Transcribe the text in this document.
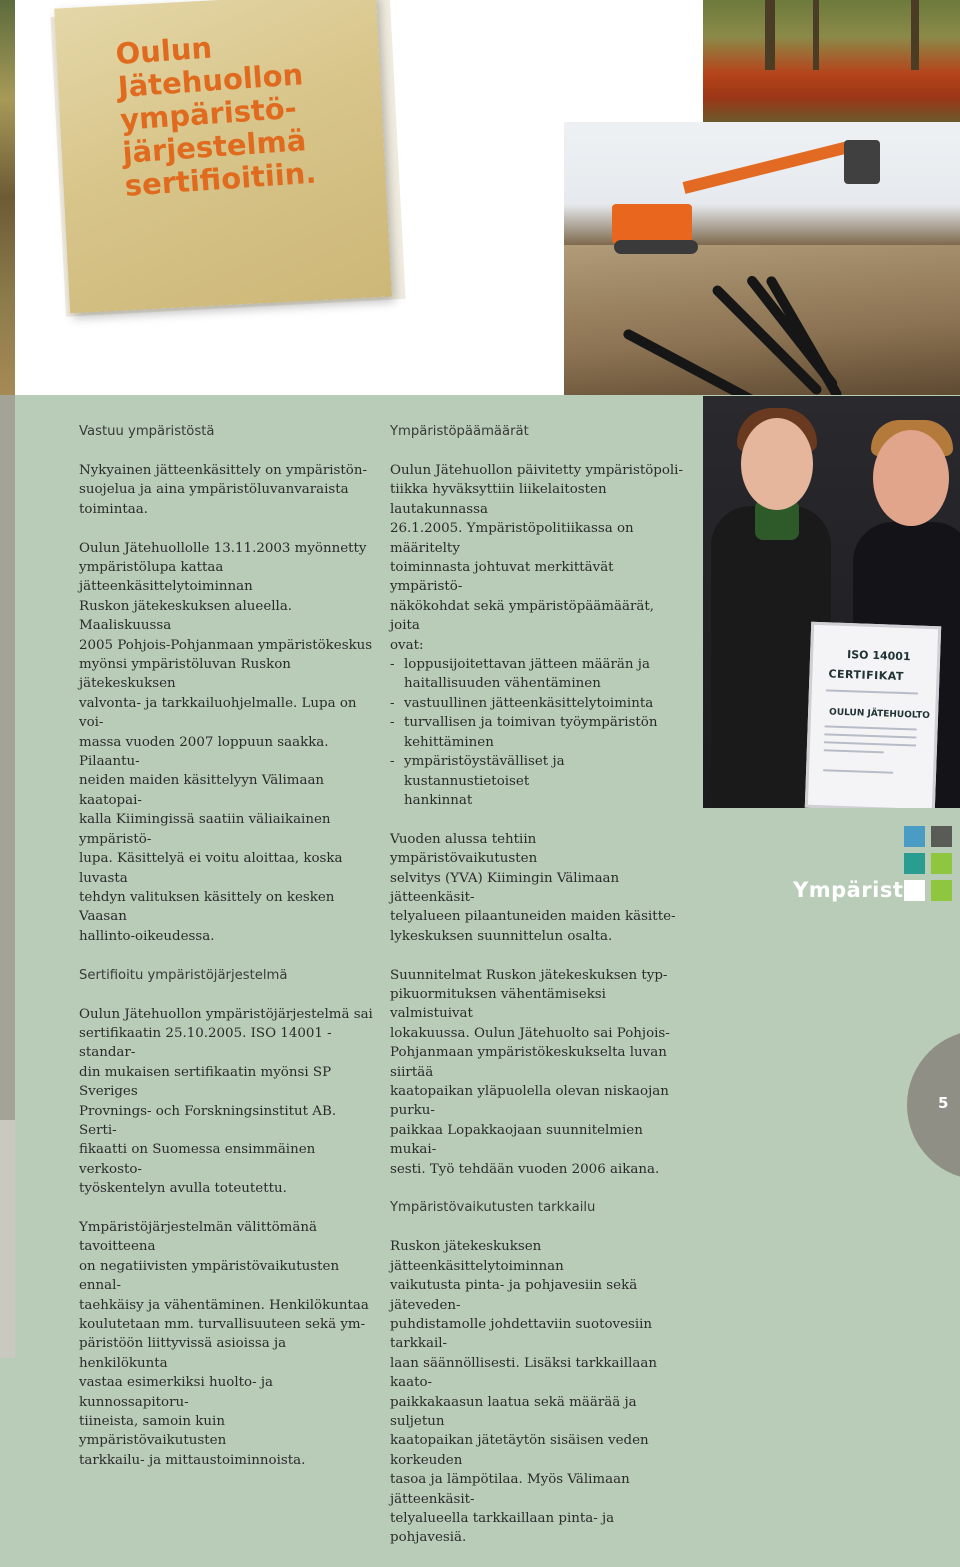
Oulun
Jätehuollon
ympäristö-
järjestelmä
sertifioitiin.
ISO 14001
CERTIFIKAT
OULUN JÄTEHUOLTO
Vastuu ympäristöstä

Nykyainen jätteenkäsittely on ympäristön-
suojelua ja aina ympäristöluvanvaraista
toimintaa.

Oulun Jätehuollolle 13.11.2003 myönnetty
ympäristölupa kattaa jätteenkäsittelytoiminnan
Ruskon jätekeskuksen alueella. Maaliskuussa
2005 Pohjois-Pohjanmaan ympäristökeskus
myönsi ympäristöluvan Ruskon jätekeskuksen
valvonta- ja tarkkailuohjelmalle. Lupa on voi-
massa vuoden 2007 loppuun saakka. Pilaantu-
neiden maiden käsittelyyn Välimaan kaatopai-
kalla Kiimingissä saatiin väliaikainen ympäristö-
lupa. Käsittelyä ei voitu aloittaa, koska luvasta
tehdyn valituksen käsittely on kesken Vaasan
hallinto-oikeudessa.

Sertifioitu ympäristöjärjestelmä

Oulun Jätehuollon ympäristöjärjestelmä sai
sertifikaatin 25.10.2005. ISO 14001 -standar-
din mukaisen sertifikaatin myönsi SP Sveriges
Provnings- och Forskningsinstitut AB. Serti-
fikaatti on Suomessa ensimmäinen verkosto-
työskentelyn avulla toteutettu.

Ympäristöjärjestelmän välittömänä tavoitteena
on negatiivisten ympäristövaikutusten ennal-
taehkäisy ja vähentäminen. Henkilökuntaa
koulutetaan mm. turvallisuuteen sekä ym-
päristöön liittyvissä asioissa ja henkilökunta
vastaa esimerkiksi huolto- ja kunnossapitoru-
tiineista, samoin kuin ympäristövaikutusten
tarkkailu- ja mittaustoiminnoista.

Ympäristöpäämäärät

Oulun Jätehuollon päivitetty ympäristöpoli-
tiikka hyväksyttiin liikelaitosten lautakunnassa
26.1.2005. Ympäristöpolitiikassa on määritelty
toiminnasta johtuvat merkittävät ympäristö-
näkökohdat sekä ympäristöpäämäärät, joita
ovat:

- loppusijoitettavan jätteen määrän ja
haitallisuuden vähentäminen
- vastuullinen jätteenkäsittelytoiminta
- turvallisen ja toimivan työympäristön
kehittäminen
- ympäristöystävälliset ja kustannustietoiset
hankinnat

Vuoden alussa tehtiin ympäristövaikutusten
selvitys (YVA) Kiimingin Välimaan jätteenkäsit-
telyalueen pilaantuneiden maiden käsitte-
lykeskuksen suunnittelun osalta.

Suunnitelmat Ruskon jätekeskuksen typ-
pikuormituksen vähentämiseksi valmistuivat
lokakuussa. Oulun Jätehuolto sai Pohjois-
Pohjanmaan ympäristökeskukselta luvan siirtää
kaatopaikan yläpuolella olevan niskaojan purku-
paikkaa Lopakkaojaan suunnitelmien mukai-
sesti. Työ tehdään vuoden 2006 aikana.

Ympäristövaikutusten tarkkailu

Ruskon jätekeskuksen jätteenkäsittelytoiminnan
vaikutusta pinta- ja pohjavesiin sekä jäteveden-
puhdistamolle johdettaviin suotovesiin tarkkail-
laan säännöllisesti. Lisäksi tarkkaillaan kaato-
paikkakaasun laatua sekä määrää ja suljetun
kaatopaikan jätetäytön sisäisen veden korkeuden
tasoa ja lämpötilaa. Myös Välimaan jätteenkäsit-
telyalueella tarkkaillaan pinta- ja pohjavesiä.

Ympäristö
5
